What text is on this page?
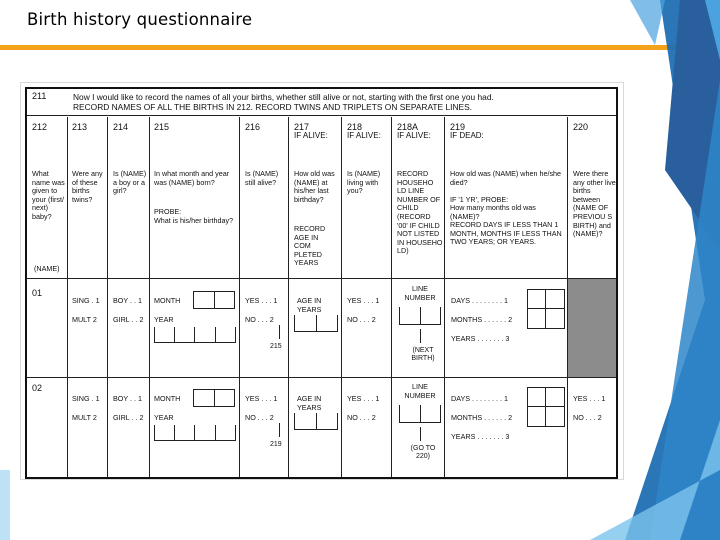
Birth history questionnaire
211	Now I would like to record the names of all your births, whether still alive or not, starting with the first one you had.
RECORD NAMES OF ALL THE BIRTHS IN 212. RECORD TWINS AND TRIPLETS ON SEPARATE LINES.
212
What name was given to your (first/ next) baby?
(NAME)
213
Were any of these births twins?
214
Is (NAME) a boy or a girl?
215
In what month and year was (NAME) born?
PROBE:
What is his/her birthday?
216
Is (NAME) still alive?
217
IF ALIVE:
How old was (NAME) at his/her last birthday?
RECORD AGE IN COM PLETED YEARS
218
IF ALIVE:
Is (NAME) living with you?
218A
IF ALIVE:
RECORD HOUSEHO LD LINE NUMBER OF CHILD (RECORD '00' IF CHILD NOT LISTED IN HOUSEHO LD)
219
IF DEAD:
How old was (NAME) when he/she died?
IF '1 YR', PROBE:
How many months old was (NAME)?
RECORD DAYS IF LESS THAN 1 MONTH, MONTHS IF LESS THAN TWO YEARS; OR YEARS.
220
Were there any other live births between (NAME OF PREVIOU S BIRTH) and (NAME)?
01
SING . 1
MULT 2
BOY . . 1
GIRL . . 2
MONTH
YEAR
YES . . . 1
NO . . . 2
215
AGE IN YEARS
YES . . . 1
NO . . . 2
LINE NUMBER
(NEXT BIRTH)
DAYS . . . . . . . . 1
MONTHS . . . . . . 2
YEARS . . . . . . . 3
02
SING . 1
MULT 2
BOY . . 1
GIRL . . 2
MONTH
YEAR
YES . . . 1
NO . . . 2
219
AGE IN YEARS
YES . . . 1
NO . . . 2
LINE NUMBER
(GO TO 220)
DAYS . . . . . . . . 1
MONTHS . . . . . . 2
YEARS . . . . . . . 3
YES . . . 1
NO . . . 2
